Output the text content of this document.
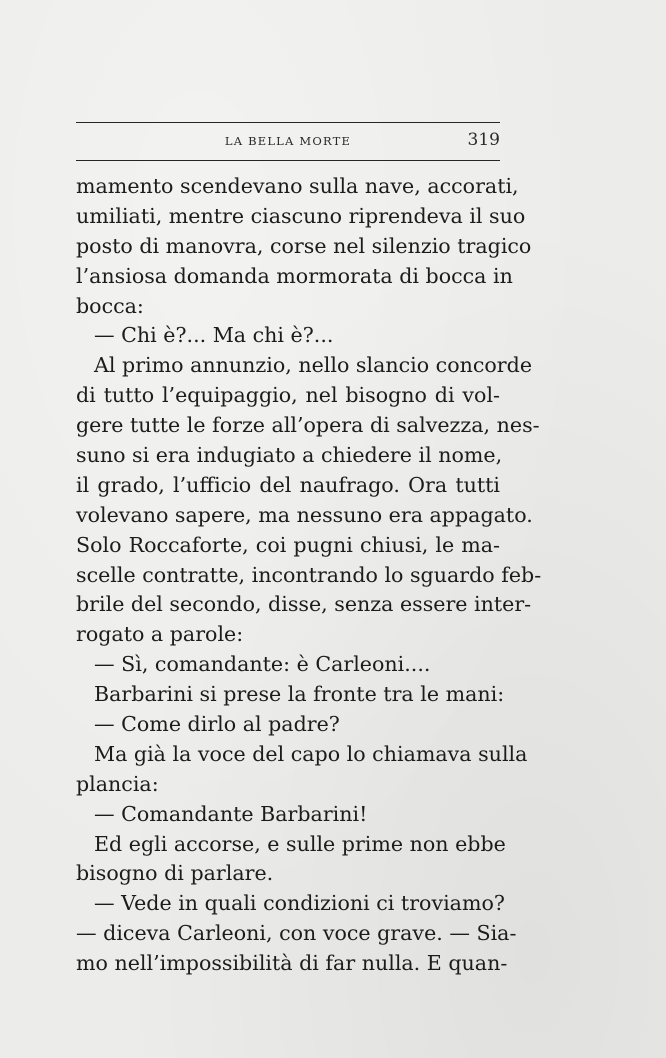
LA BELLA MORTE	319
mamento scendevano sulla nave, accorati,
umiliati, mentre ciascuno riprendeva il suo
posto di manovra, corse nel silenzio tragico
l’ansiosa domanda mormorata di bocca in
bocca:
— Chi è?... Ma chi è?...
Al primo annunzio, nello slancio concorde
di tutto l’equipaggio, nel bisogno di vol-
gere tutte le forze all’opera di salvezza, nes-
suno si era indugiato a chiedere il nome,
il grado, l’ufficio del naufrago. Ora tutti
volevano sapere, ma nessuno era appagato.
Solo Roccaforte, coi pugni chiusi, le ma-
scelle contratte, incontrando lo sguardo feb-
brile del secondo, disse, senza essere inter-
rogato a parole:
— Sì, comandante: è Carleoni....
Barbarini si prese la fronte tra le mani:
— Come dirlo al padre?
Ma già la voce del capo lo chiamava sulla
plancia:
— Comandante Barbarini!
Ed egli accorse, e sulle prime non ebbe
bisogno di parlare.
— Vede in quali condizioni ci troviamo?
— diceva Carleoni, con voce grave. — Sia-
mo nell’impossibilità di far nulla. E quan-
